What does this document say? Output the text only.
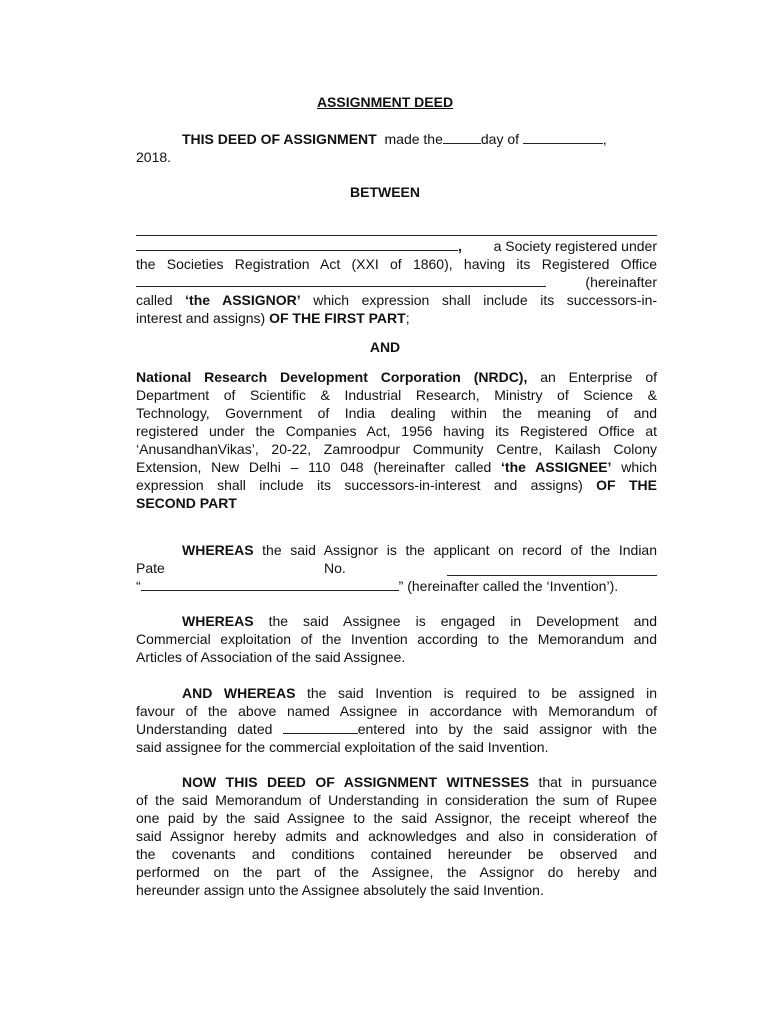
ASSIGNMENT DEED
THIS DEED OF ASSIGNMENT made the	day of	,
2018.
BETWEEN
, a Society registered under
the Societies Registration Act (XXI of 1860), having its Registered Office
(hereinafter
called ‘the ASSIGNOR’ which expression shall include its successors-in-
interest and assigns) OF THE FIRST PART;
AND
National Research Development Corporation (NRDC), an Enterprise of
Department of Scientific & Industrial Research, Ministry of Science &
Technology, Government of India dealing within the meaning of and
registered under the Companies Act, 1956 having its Registered Office at
‘AnusandhanVikas’, 20-22, Zamroodpur Community Centre, Kailash Colony
Extension, New Delhi – 110 048 (hereinafter called ‘the ASSIGNEE’ which
expression shall include its successors-in-interest and assigns) OF THE
SECOND PART
WHEREAS the said Assignor is the applicant on record of the Indian
Pate	No.
“	” (hereinafter called the ‘Invention’).
WHEREAS the said Assignee is engaged in Development and
Commercial exploitation of the Invention according to the Memorandum and
Articles of Association of the said Assignee.
AND WHEREAS the said Invention is required to be assigned in
favour of the above named Assignee in accordance with Memorandum of
Understanding dated	entered into by the said assignor with the
said assignee for the commercial exploitation of the said Invention.
NOW THIS DEED OF ASSIGNMENT WITNESSES that in pursuance
of the said Memorandum of Understanding in consideration the sum of Rupee
one paid by the said Assignee to the said Assignor, the receipt whereof the
said Assignor hereby admits and acknowledges and also in consideration of
the covenants and conditions contained hereunder be observed and
performed on the part of the Assignee, the Assignor do hereby and
hereunder assign unto the Assignee absolutely the said Invention.
